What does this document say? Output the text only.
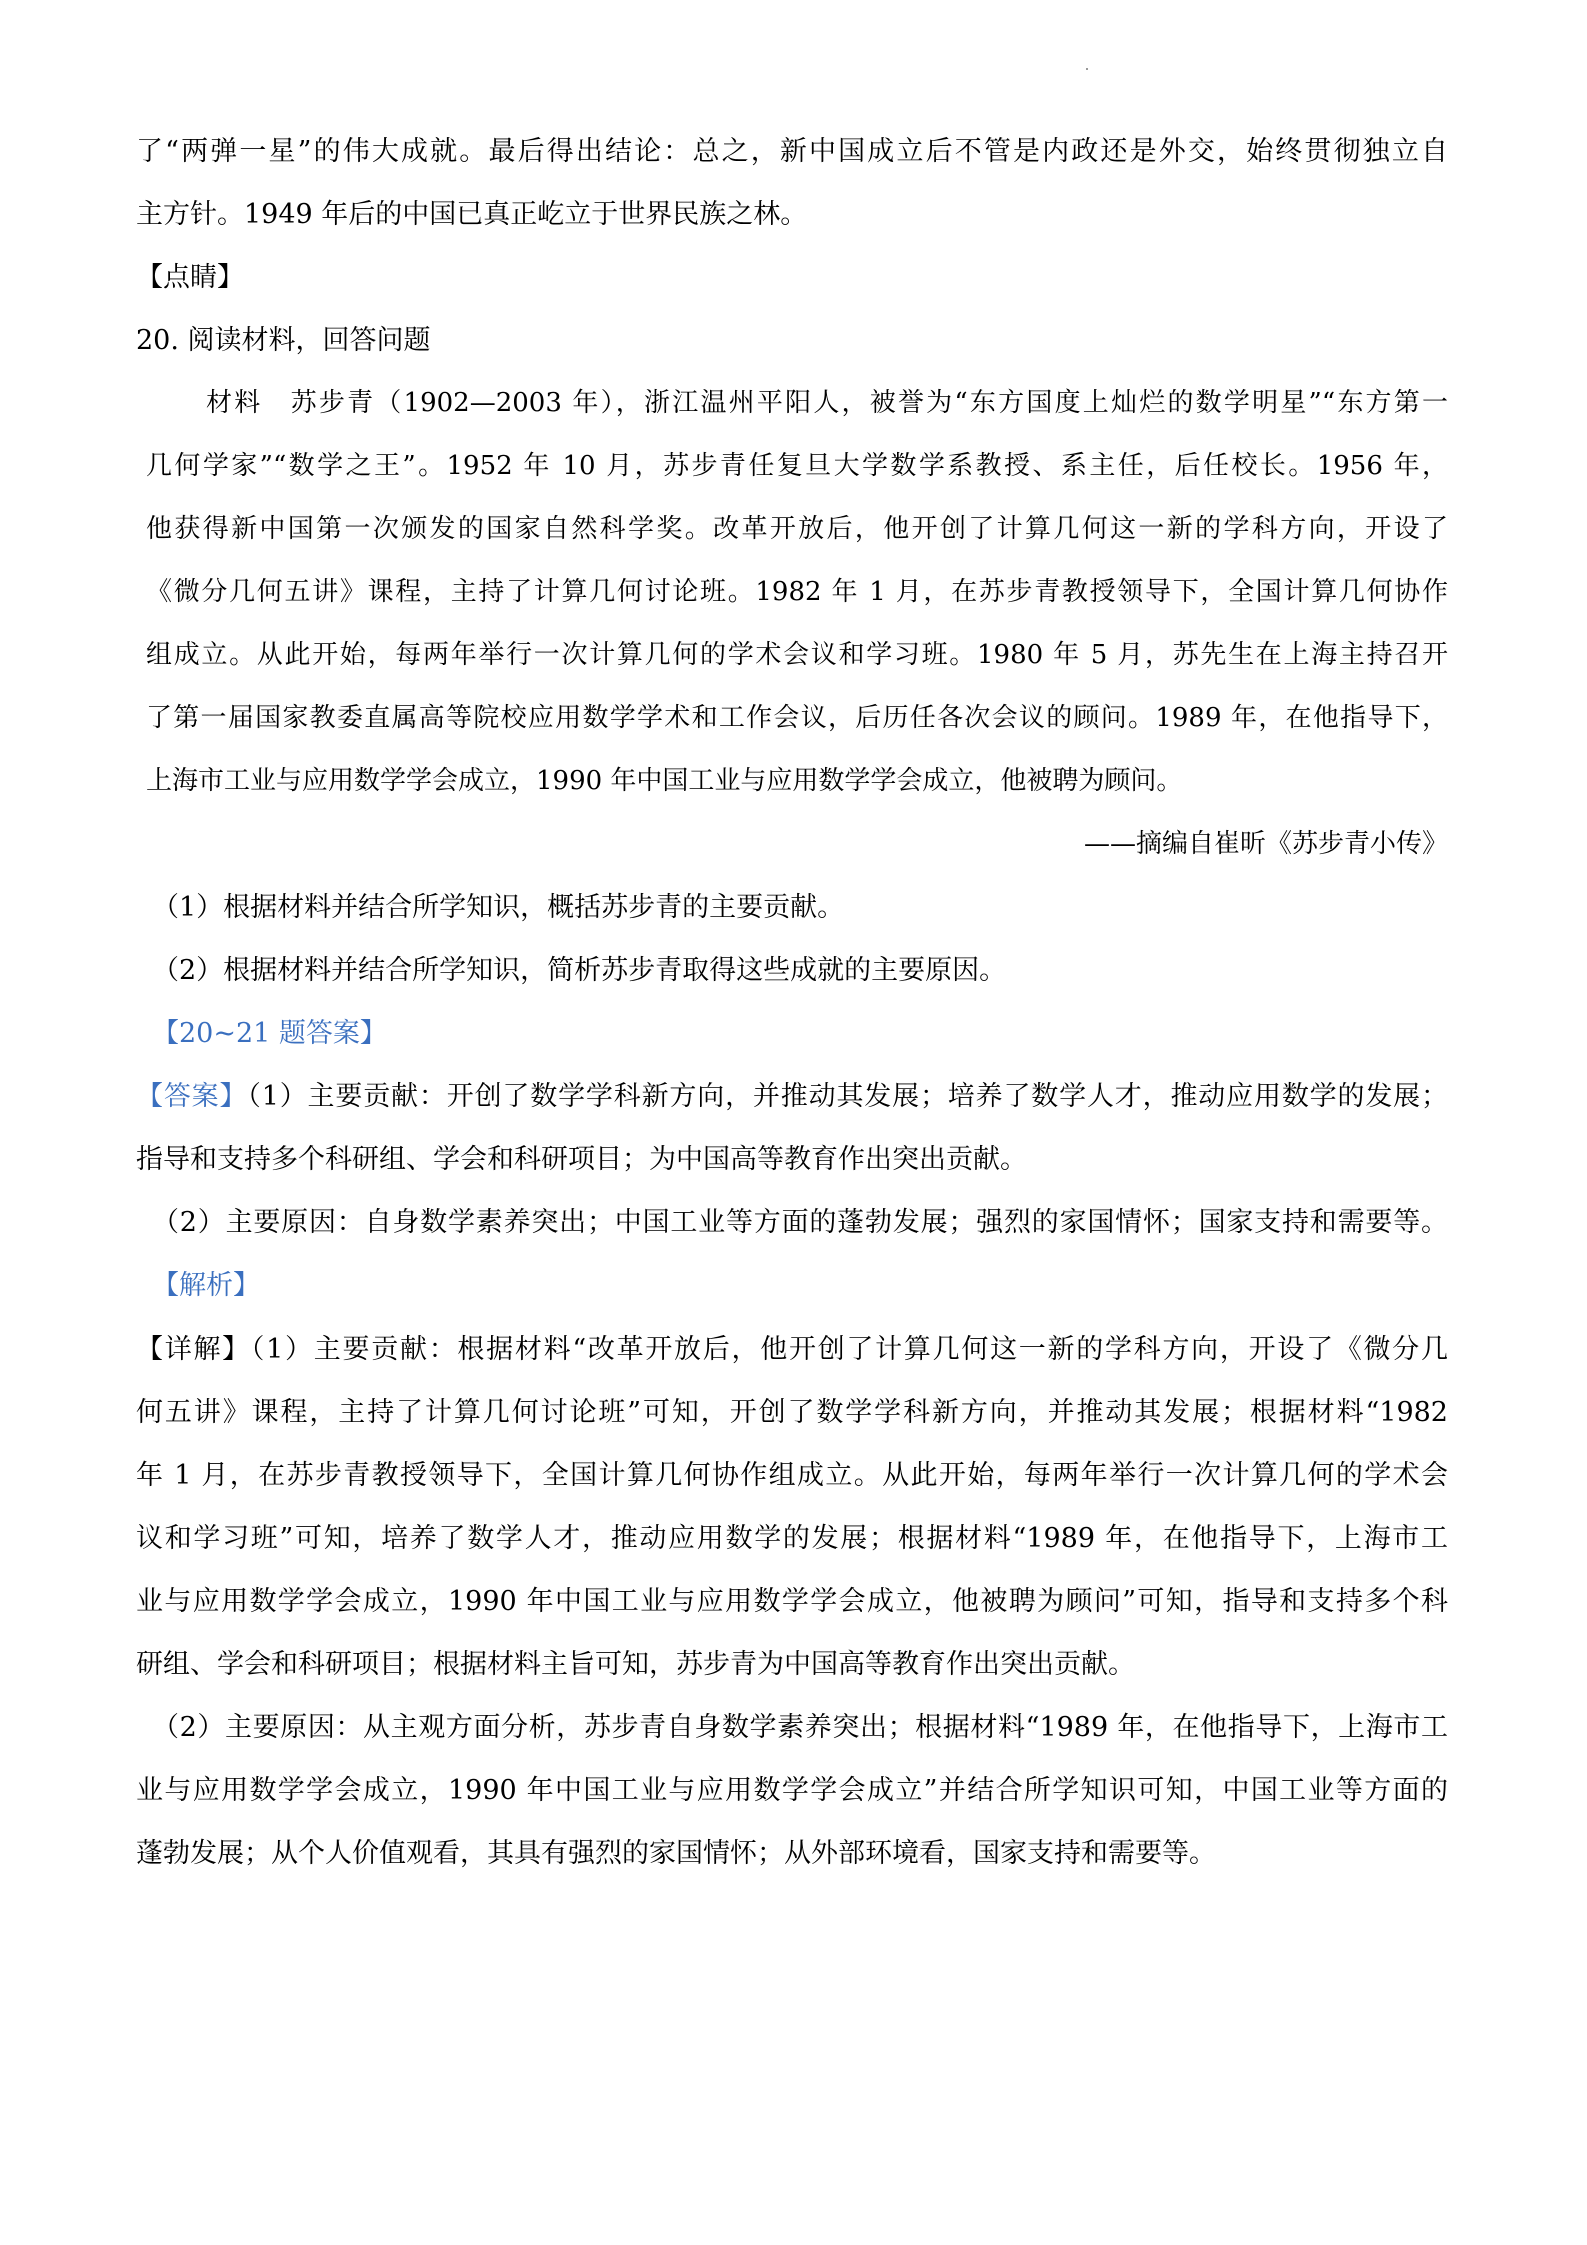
了“两弹一星”的伟大成就。最后得出结论：总之，新中国成立后不管是内政还是外交，始终贯彻独立自
主方针。1949 年后的中国已真正屹立于世界民族之林。
【点睛】
20. 阅读材料，回答问题
材料　苏步青（1902—2003 年），浙江温州平阳人，被誉为“东方国度上灿烂的数学明星”“东方第一
几何学家”“数学之王”。1952 年 10 月，苏步青任复旦大学数学系教授、系主任，后任校长。1956 年，
他获得新中国第一次颁发的国家自然科学奖。改革开放后，他开创了计算几何这一新的学科方向，开设了
《微分几何五讲》课程，主持了计算几何讨论班。1982 年 1 月，在苏步青教授领导下，全国计算几何协作
组成立。从此开始，每两年举行一次计算几何的学术会议和学习班。1980 年 5 月，苏先生在上海主持召开
了第一届国家教委直属高等院校应用数学学术和工作会议，后历任各次会议的顾问。1989 年，在他指导下，
上海市工业与应用数学学会成立，1990 年中国工业与应用数学学会成立，他被聘为顾问。
——摘编自崔昕《苏步青小传》
（1）根据材料并结合所学知识，概括苏步青的主要贡献。
（2）根据材料并结合所学知识，简析苏步青取得这些成就的主要原因。
【20~21 题答案】
【答案】（1）主要贡献：开创了数学学科新方向，并推动其发展；培养了数学人才，推动应用数学的发展；
指导和支持多个科研组、学会和科研项目；为中国高等教育作出突出贡献。
（2）主要原因：自身数学素养突出；中国工业等方面的蓬勃发展；强烈的家国情怀；国家支持和需要等。
【解析】
【详解】（1）主要贡献：根据材料“改革开放后，他开创了计算几何这一新的学科方向，开设了《微分几
何五讲》课程，主持了计算几何讨论班”可知，开创了数学学科新方向，并推动其发展；根据材料“1982
年 1 月，在苏步青教授领导下，全国计算几何协作组成立。从此开始，每两年举行一次计算几何的学术会
议和学习班”可知，培养了数学人才，推动应用数学的发展；根据材料“1989 年，在他指导下，上海市工
业与应用数学学会成立，1990 年中国工业与应用数学学会成立，他被聘为顾问”可知，指导和支持多个科
研组、学会和科研项目；根据材料主旨可知，苏步青为中国高等教育作出突出贡献。
（2）主要原因：从主观方面分析，苏步青自身数学素养突出；根据材料“1989 年，在他指导下，上海市工
业与应用数学学会成立，1990 年中国工业与应用数学学会成立”并结合所学知识可知，中国工业等方面的
蓬勃发展；从个人价值观看，其具有强烈的家国情怀；从外部环境看，国家支持和需要等。
